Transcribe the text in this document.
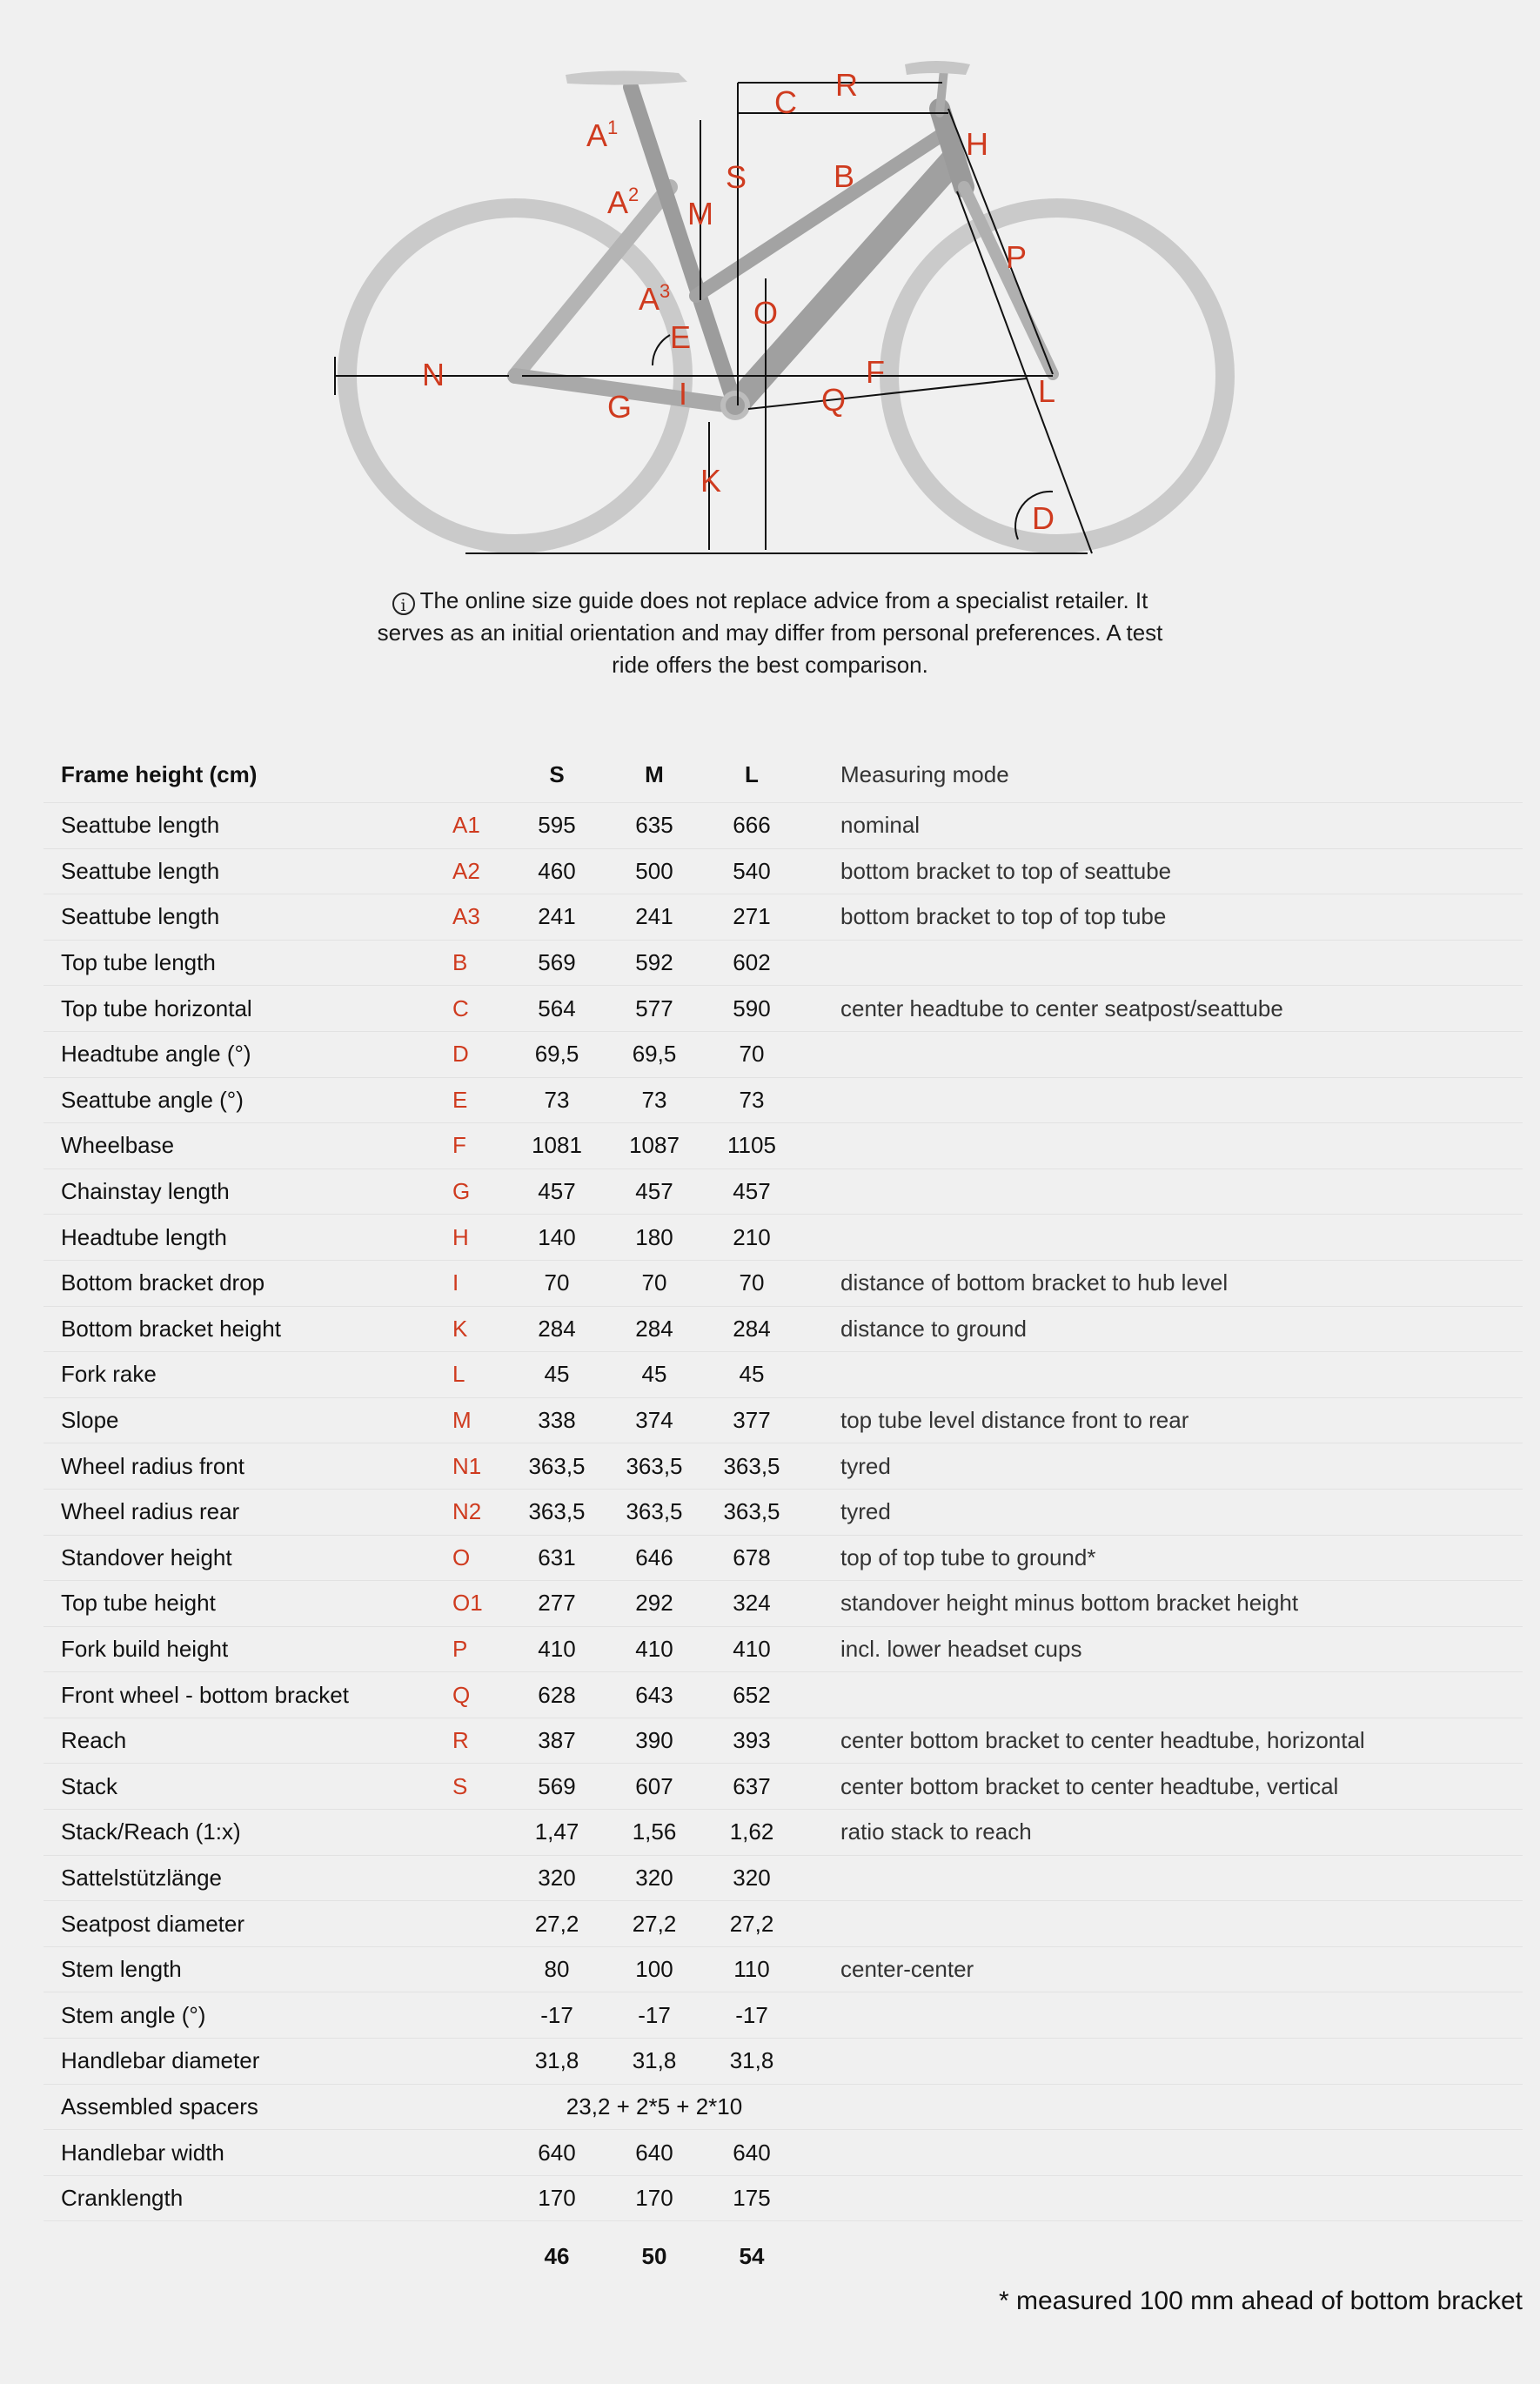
$A^1$
$A^2$
$A^3$
B
C
D
E
F
G
H
I
K
L
M
N
O
P
Q
R
S
i The online size guide does not replace advice from a specialist retailer. It serves as an initial orientation and may differ from personal preferences. A test ride offers the best comparison.
Frame height (cm)		S	M	L	Measuring mode
Seattube length	A1	595	635	666	nominal
Seattube length	A2	460	500	540	bottom bracket to top of seattube
Seattube length	A3	241	241	271	bottom bracket to top of top tube
Top tube length	B	569	592	602	
Top tube horizontal	C	564	577	590	center headtube to center seatpost/seattube
Headtube angle (°)	D	69,5	69,5	70	
Seattube angle (°)	E	73	73	73	
Wheelbase	F	1081	1087	1105	
Chainstay length	G	457	457	457	
Headtube length	H	140	180	210	
Bottom bracket drop	I	70	70	70	distance of bottom bracket to hub level
Bottom bracket height	K	284	284	284	distance to ground
Fork rake	L	45	45	45	
Slope	M	338	374	377	top tube level distance front to rear
Wheel radius front	N1	363,5	363,5	363,5	tyred
Wheel radius rear	N2	363,5	363,5	363,5	tyred
Standover height	O	631	646	678	top of top tube to ground*
Top tube height	O1	277	292	324	standover height minus bottom bracket height
Fork build height	P	410	410	410	incl. lower headset cups
Front wheel - bottom bracket	Q	628	643	652	
Reach	R	387	390	393	center bottom bracket to center headtube, horizontal
Stack	S	569	607	637	center bottom bracket to center headtube, vertical
Stack/Reach (1:x)		1,47	1,56	1,62	ratio stack to reach
Sattelstützlänge		320	320	320	
Seatpost diameter		27,2	27,2	27,2	
Stem length		80	100	110	center-center
Stem angle (°)		-17	-17	-17	
Handlebar diameter		31,8	31,8	31,8	
Assembled spacers		23,2 + 2*5 + 2*10			
Handlebar width		640	640	640	
Cranklength		170	170	175	
		46	50	54	
* measured 100 mm ahead of bottom bracket
